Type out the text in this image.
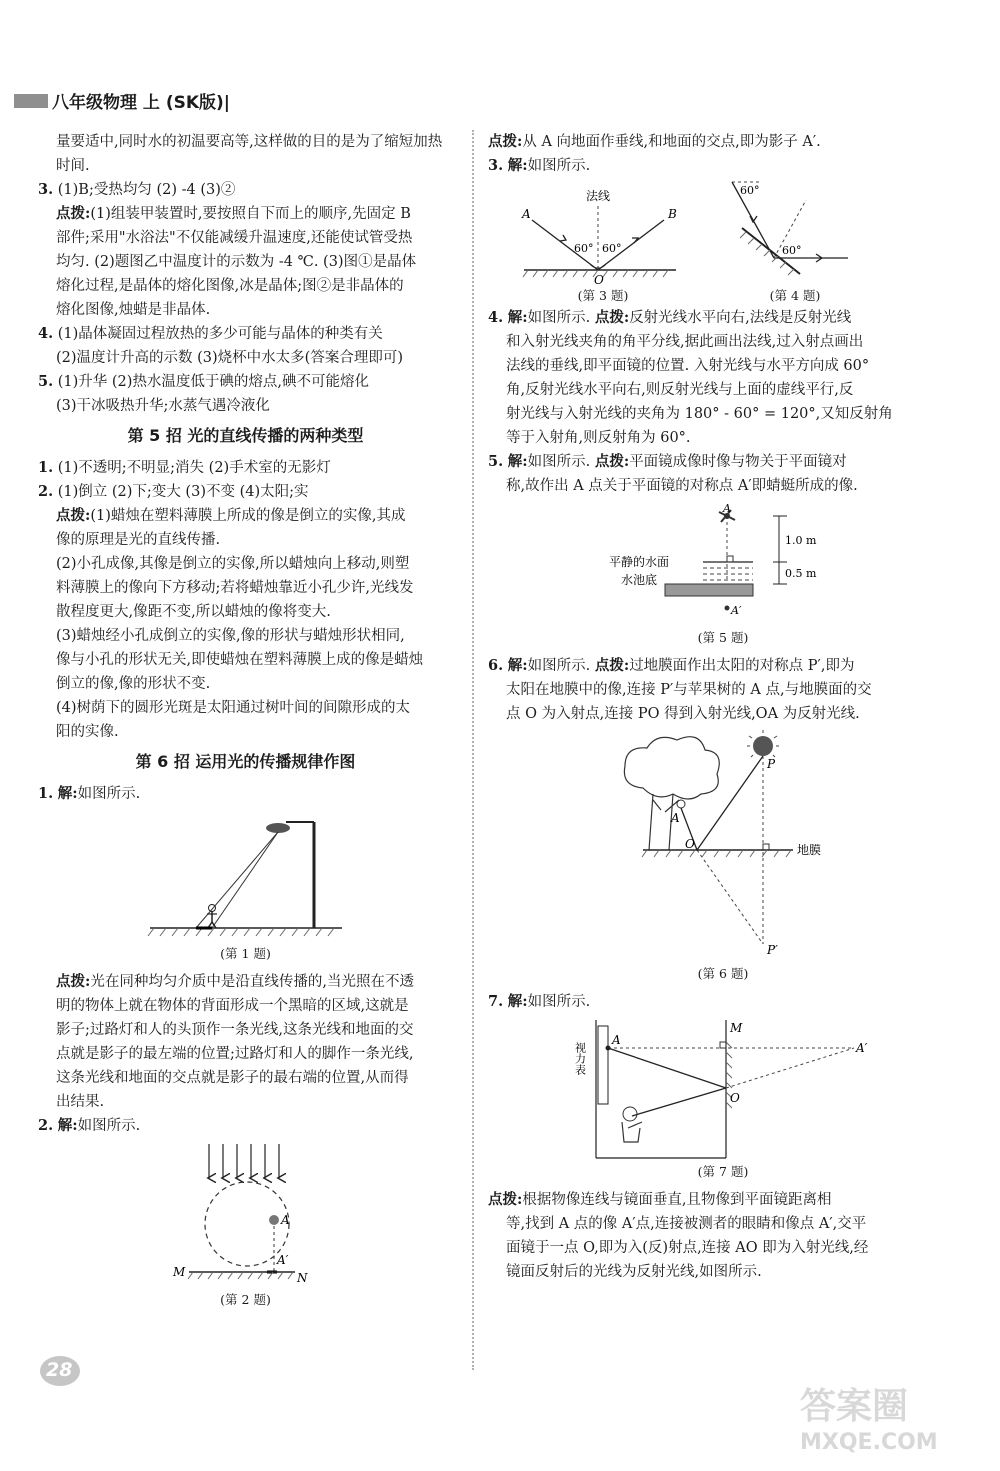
八年级物理 上 (SK版)|

量要适中,同时水的初温要高等,这样做的目的是为了缩短加热

时间.

3. (1)B;受热均匀 (2) -4 (3)②

点拨:(1)组装甲装置时,要按照自下而上的顺序,先固定 B

部件;采用"水浴法"不仅能减缓升温速度,还能使试管受热

均匀. (2)题图乙中温度计的示数为 -4 ℃. (3)图①是晶体

熔化过程,是晶体的熔化图像,冰是晶体;图②是非晶体的

熔化图像,烛蜡是非晶体.

4. (1)晶体凝固过程放热的多少可能与晶体的种类有关

(2)温度计升高的示数 (3)烧杯中水太多(答案合理即可)

5. (1)升华 (2)热水温度低于碘的熔点,碘不可能熔化

(3)干冰吸热升华;水蒸气遇冷液化

第 5 招 光的直线传播的两种类型

1. (1)不透明;不明显;消失 (2)手术室的无影灯

2. (1)倒立 (2)下;变大 (3)不变 (4)太阳;实

点拨:(1)蜡烛在塑料薄膜上所成的像是倒立的实像,其成

像的原理是光的直线传播.

(2)小孔成像,其像是倒立的实像,所以蜡烛向上移动,则塑

料薄膜上的像向下方移动;若将蜡烛靠近小孔少许,光线发

散程度更大,像距不变,所以蜡烛的像将变大.

(3)蜡烛经小孔成倒立的实像,像的形状与蜡烛形状相同,

像与小孔的形状无关,即使蜡烛在塑料薄膜上成的像是蜡烛

倒立的像,像的形状不变.

(4)树荫下的圆形光斑是太阳通过树叶间的间隙形成的太

阳的实像.

第 6 招 运用光的传播规律作图

1. 解:如图所示.

(第 1 题)

点拨:光在同种均匀介质中是沿直线传播的,当光照在不透

明的物体上就在物体的背面形成一个黑暗的区域,这就是

影子;过路灯和人的头顶作一条光线,这条光线和地面的交

点就是影子的最左端的位置;过路灯和人的脚作一条光线,

这条光线和地面的交点就是影子的最右端的位置,从而得

出结果.

2. 解:如图所示.

A
A′
M	N
(第 2 题)

点拨:从 A 向地面作垂线,和地面的交点,即为影子 A′.

3. 解:如图所示.

法线
A	B
O
60° 60°
(第 3 题)
60°
60°
(第 4 题)

4. 解:如图所示. 点拨:反射光线水平向右,法线是反射光线

和入射光线夹角的角平分线,据此画出法线,过入射点画出

法线的垂线,即平面镜的位置. 入射光线与水平方向成 60°

角,反射光线水平向右,则反射光线与上面的虚线平行,反

射光线与入射光线的夹角为 180° - 60° = 120°,又知反射角

等于入射角,则反射角为 60°.

5. 解:如图所示. 点拨:平面镜成像时像与物关于平面镜对

称,故作出 A 点关于平面镜的对称点 A′即蜻蜓所成的像.

A
A′
1.0 m
0.5 m
平静的水面
水池底
(第 5 题)

6. 解:如图所示. 点拨:过地膜面作出太阳的对称点 P′,即为

太阳在地膜中的像,连接 P′与苹果树的 A 点,与地膜面的交

点 O 为入射点,连接 PO 得到入射光线,OA 为反射光线.

P
A
O
P′
地膜
(第 6 题)

7. 解:如图所示.

视力表
A
M
A′
O
(第 7 题)

点拨:根据物像连线与镜面垂直,且物像到平面镜距离相

等,找到 A 点的像 A′点,连接被测者的眼睛和像点 A′,交平

面镜于一点 O,即为入(反)射点,连接 AO 即为入射光线,经

镜面反射后的光线为反射光线,如图所示.

28
答案圈
MXQE.COM
